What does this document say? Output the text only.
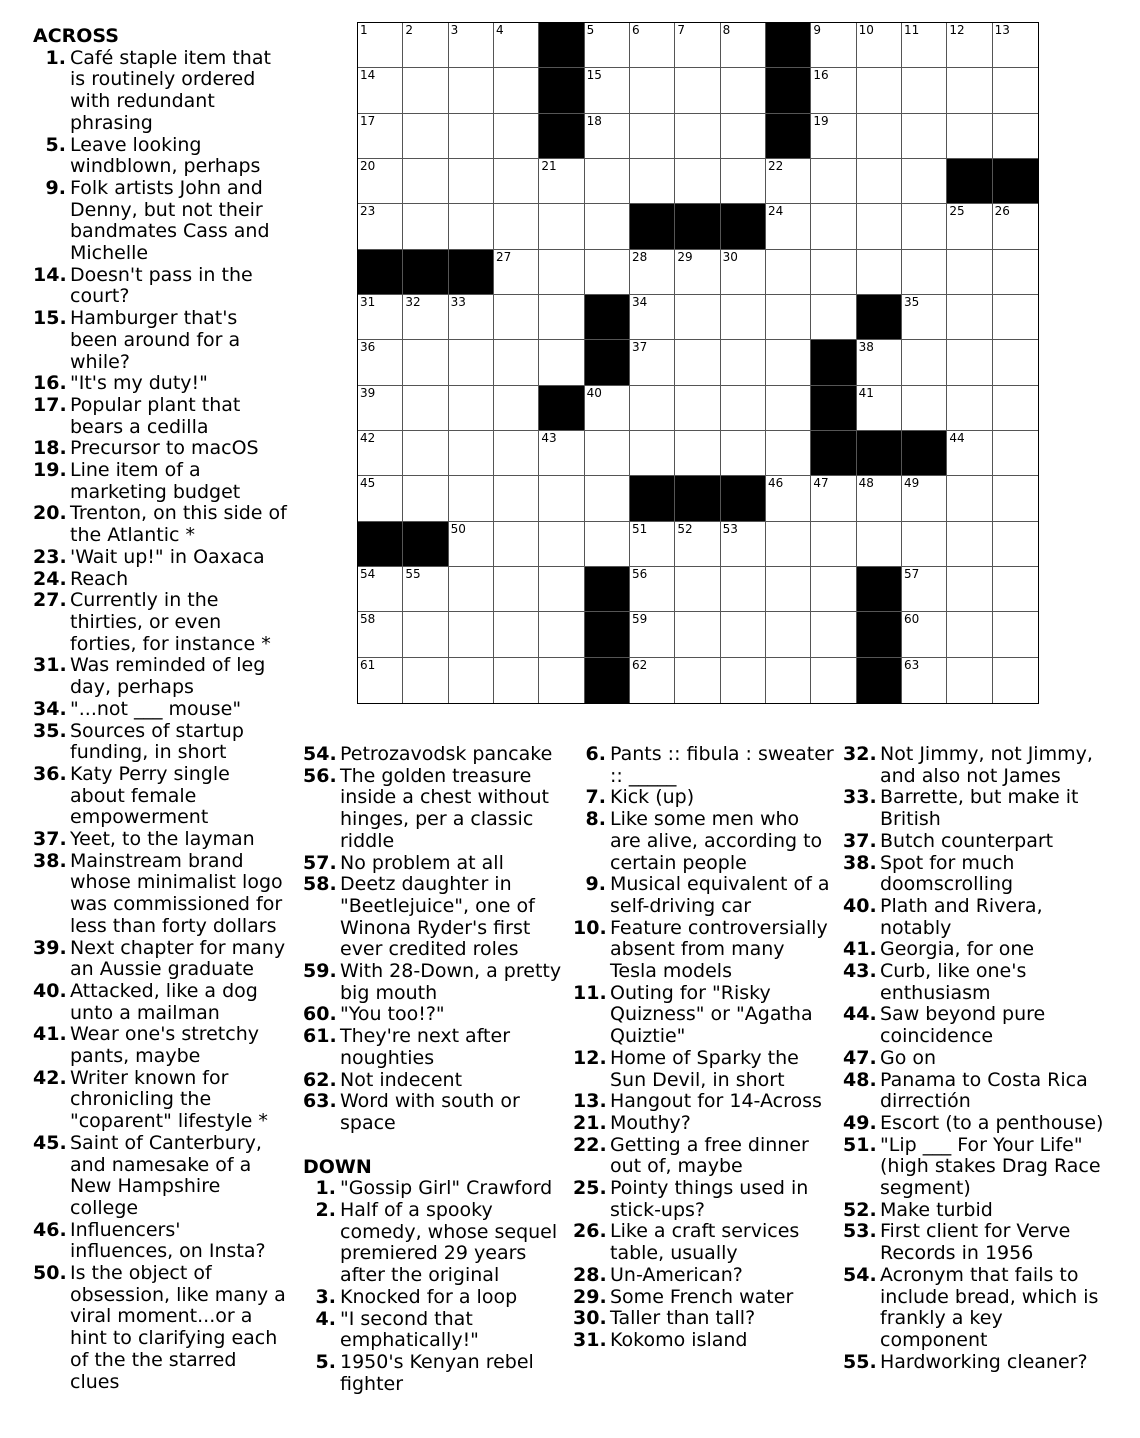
ACROSS
1. Café staple item that is routinely ordered with redundant phrasing
5. Leave looking windblown, perhaps
9. Folk artists John and Denny, but not their bandmates Cass and Michelle
14. Doesn't pass in the court?
15. Hamburger that's been around for a while?
16. "It's my duty!"
17. Popular plant that bears a cedilla
18. Precursor to macOS
19. Line item of a marketing budget
20. Trenton, on this side of the Atlantic *
23. 'Wait up!" in Oaxaca
24. Reach
27. Currently in the thirties, or even forties, for instance *
31. Was reminded of leg day, perhaps
34. "...not ___ mouse"
35. Sources of startup funding, in short
36. Katy Perry single about female empowerment
37. Yeet, to the layman
38. Mainstream brand whose minimalist logo was commissioned for less than forty dollars
39. Next chapter for many an Aussie graduate
40. Attacked, like a dog unto a mailman
41. Wear one's stretchy pants, maybe
42. Writer known for chronicling the "coparent" lifestyle *
45. Saint of Canterbury, and namesake of a New Hampshire college
46. Influencers' influences, on Insta?
50. Is the object of obsession, like many a viral moment...or a hint to clarifying each of the the starred clues
1	2	3	4	5	6	7	8	9	10	11	12	13
14	15	16
17	18	19
20	21	22
23	24	25	26
27	28	29	30
31	32	33	34	35
36	37	38
39	40	41
42	43	44
45	46	47	48	49
50	51	52	53
54	55	56	57
58	59	60
61	62	63
54. Petrozavodsk pancake
56. The golden treasure inside a chest without hinges, per a classic riddle
57. No problem at all
58. Deetz daughter in "Beetlejuice", one of Winona Ryder's first ever credited roles
59. With 28-Down, a pretty big mouth
60. "You too!?"
61. They're next after noughties
62. Not indecent
63. Word with south or space
DOWN
1. "Gossip Girl" Crawford
2. Half of a spooky comedy, whose sequel premiered 29 years after the original
3. Knocked for a loop
4. "I second that emphatically!"
5. 1950's Kenyan rebel fighter
6. Pants :: fibula : sweater :: _____
7. Kick (up)
8. Like some men who are alive, according to certain people
9. Musical equivalent of a self-driving car
10. Feature controversially absent from many Tesla models
11. Outing for "Risky Quizness" or "Agatha Quiztie"
12. Home of Sparky the Sun Devil, in short
13. Hangout for 14-Across
21. Mouthy?
22. Getting a free dinner out of, maybe
25. Pointy things used in stick-ups?
26. Like a craft services table, usually
28. Un-American?
29. Some French water
30. Taller than tall?
31. Kokomo island
32. Not Jimmy, not Jimmy, and also not James
33. Barrette, but make it British
37. Butch counterpart
38. Spot for much doomscrolling
40. Plath and Rivera, notably
41. Georgia, for one
43. Curb, like one's enthusiasm
44. Saw beyond pure coincidence
47. Go on
48. Panama to Costa Rica dirrectión
49. Escort (to a penthouse)
51. "Lip ___ For Your Life" (high stakes Drag Race segment)
52. Make turbid
53. First client for Verve Records in 1956
54. Acronym that fails to include bread, which is frankly a key component
55. Hardworking cleaner?
